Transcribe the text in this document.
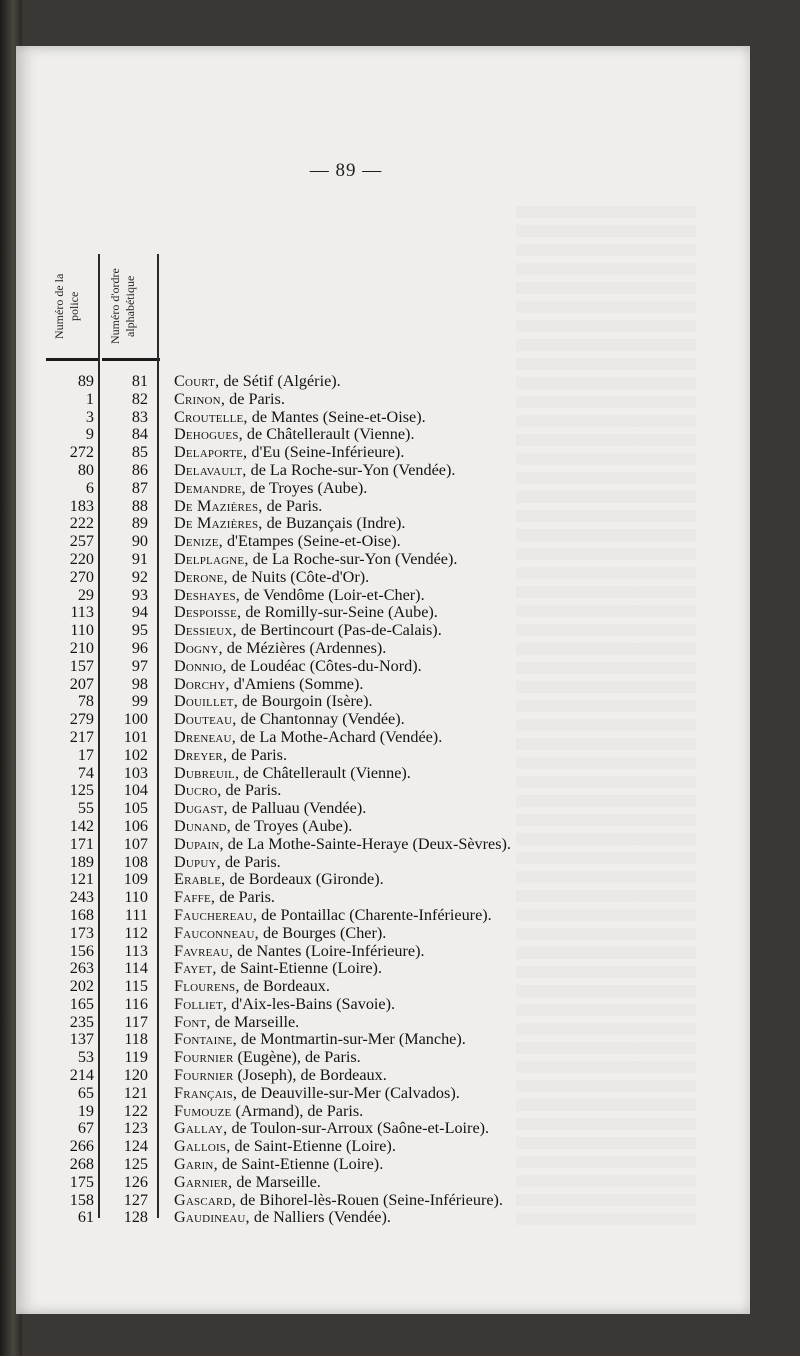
— 89 —
Numéro de la police Numéro d'ordre alphabétique
89	81 Court, de Sétif (Algérie).
1	82 Crinon, de Paris.
3	83 Croutelle, de Mantes (Seine-et-Oise).
9	84 Dehogues, de Châtellerault (Vienne).
272	85 Delaporte, d'Eu (Seine-Inférieure).
80	86 Delavault, de La Roche-sur-Yon (Vendée).
6	87 Demandre, de Troyes (Aube).
183	88 De Mazières, de Paris.
222	89 De Mazières, de Buzançais (Indre).
257	90 Denize, d'Etampes (Seine-et-Oise).
220	91 Delplagne, de La Roche-sur-Yon (Vendée).
270	92 Derone, de Nuits (Côte-d'Or).
29	93 Deshayes, de Vendôme (Loir-et-Cher).
113	94 Despoisse, de Romilly-sur-Seine (Aube).
110	95 Dessieux, de Bertincourt (Pas-de-Calais).
210	96 Dogny, de Mézières (Ardennes).
157	97 Donnio, de Loudéac (Côtes-du-Nord).
207	98 Dorchy, d'Amiens (Somme).
78	99 Douillet, de Bourgoin (Isère).
279	100 Douteau, de Chantonnay (Vendée).
217	101 Dreneau, de La Mothe-Achard (Vendée).
17	102 Dreyer, de Paris.
74	103 Dubreuil, de Châtellerault (Vienne).
125	104 Ducro, de Paris.
55	105 Dugast, de Palluau (Vendée).
142	106 Dunand, de Troyes (Aube).
171	107 Dupain, de La Mothe-Sainte-Heraye (Deux-Sèvres).
189	108 Dupuy, de Paris.
121	109 Erable, de Bordeaux (Gironde).
243	110 Faffe, de Paris.
168	111 Fauchereau, de Pontaillac (Charente-Inférieure).
173	112 Fauconneau, de Bourges (Cher).
156	113 Favreau, de Nantes (Loire-Inférieure).
263	114 Fayet, de Saint-Etienne (Loire).
202	115 Flourens, de Bordeaux.
165	116 Folliet, d'Aix-les-Bains (Savoie).
235	117 Font, de Marseille.
137	118 Fontaine, de Montmartin-sur-Mer (Manche).
53	119 Fournier (Eugène), de Paris.
214	120 Fournier (Joseph), de Bordeaux.
65	121 Français, de Deauville-sur-Mer (Calvados).
19	122 Fumouze (Armand), de Paris.
67	123 Gallay, de Toulon-sur-Arroux (Saône-et-Loire).
266	124 Gallois, de Saint-Etienne (Loire).
268	125 Garin, de Saint-Etienne (Loire).
175	126 Garnier, de Marseille.
158	127 Gascard, de Bihorel-lès-Rouen (Seine-Inférieure).
61	128 Gaudineau, de Nalliers (Vendée).
